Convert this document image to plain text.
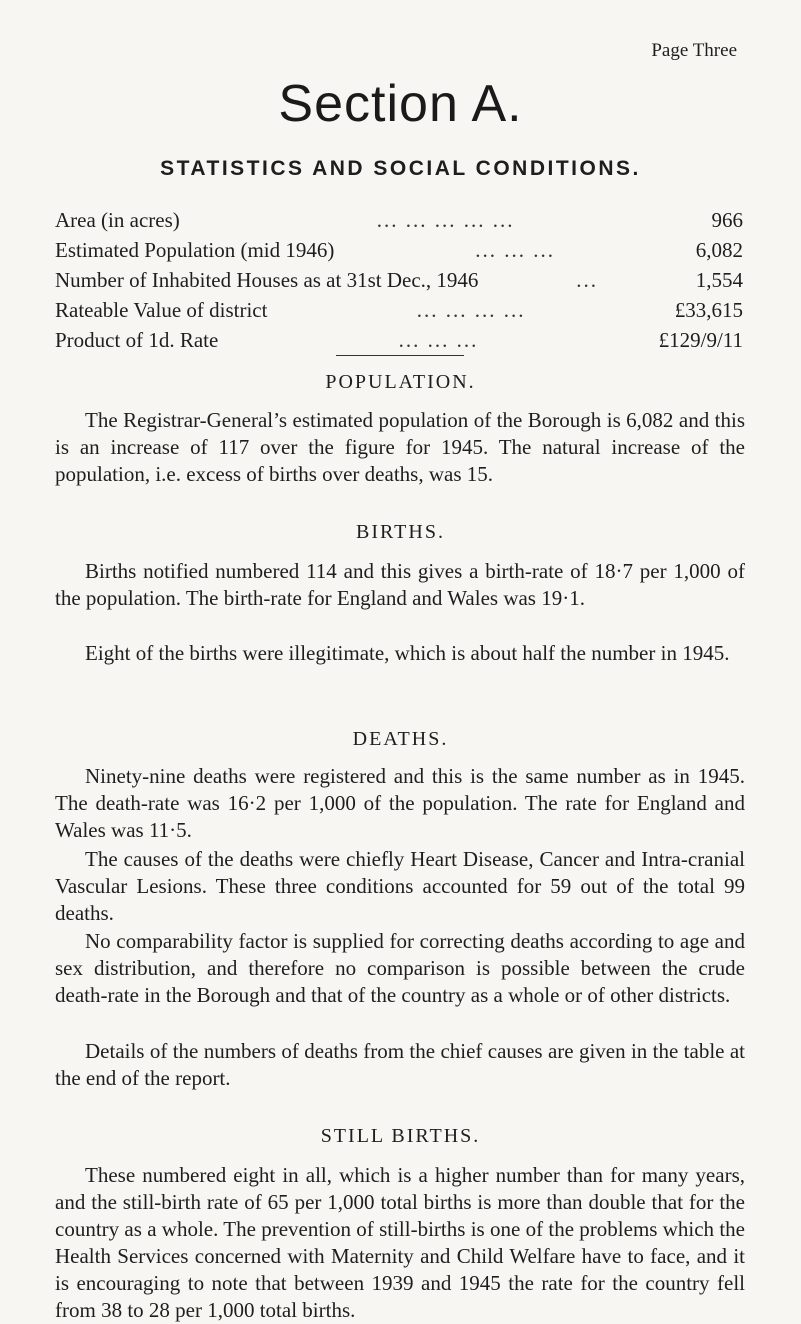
Page Three
Section A.
STATISTICS AND SOCIAL CONDITIONS.
Area (in acres)	... ... ... ... ...	966
Estimated Population (mid 1946)	... ... ...	6,082
Number of Inhabited Houses as at 31st Dec., 1946	...	1,554
Rateable Value of district	... ... ... ...	£33,615
Product of 1d. Rate	... ... ...	£129/9/11
POPULATION.

The Registrar-General’s estimated population of the Borough is 6,082 and this is an increase of 117 over the figure for 1945. The natural increase of the population, i.e. excess of births over deaths, was 15.

BIRTHS.

Births notified numbered 114 and this gives a birth-rate of 18·7 per 1,000 of the population. The birth-rate for England and Wales was 19·1.

Eight of the births were illegitimate, which is about half the number in 1945.

DEATHS.

Ninety-nine deaths were registered and this is the same number as in 1945. The death-rate was 16·2 per 1,000 of the population. The rate for England and Wales was 11·5.

The causes of the deaths were chiefly Heart Disease, Cancer and Intra-cranial Vascular Lesions. These three conditions accounted for 59 out of the total 99 deaths.

No comparability factor is supplied for correcting deaths according to age and sex distribution, and therefore no comparison is possible between the crude death-rate in the Borough and that of the country as a whole or of other districts.

Details of the numbers of deaths from the chief causes are given in the table at the end of the report.

STILL BIRTHS.

These numbered eight in all, which is a higher number than for many years, and the still-birth rate of 65 per 1,000 total births is more than double that for the country as a whole. The prevention of still-births is one of the problems which the Health Services concerned with Maternity and Child Welfare have to face, and it is encouraging to note that between 1939 and 1945 the rate for the country fell from 38 to 28 per 1,000 total births.
